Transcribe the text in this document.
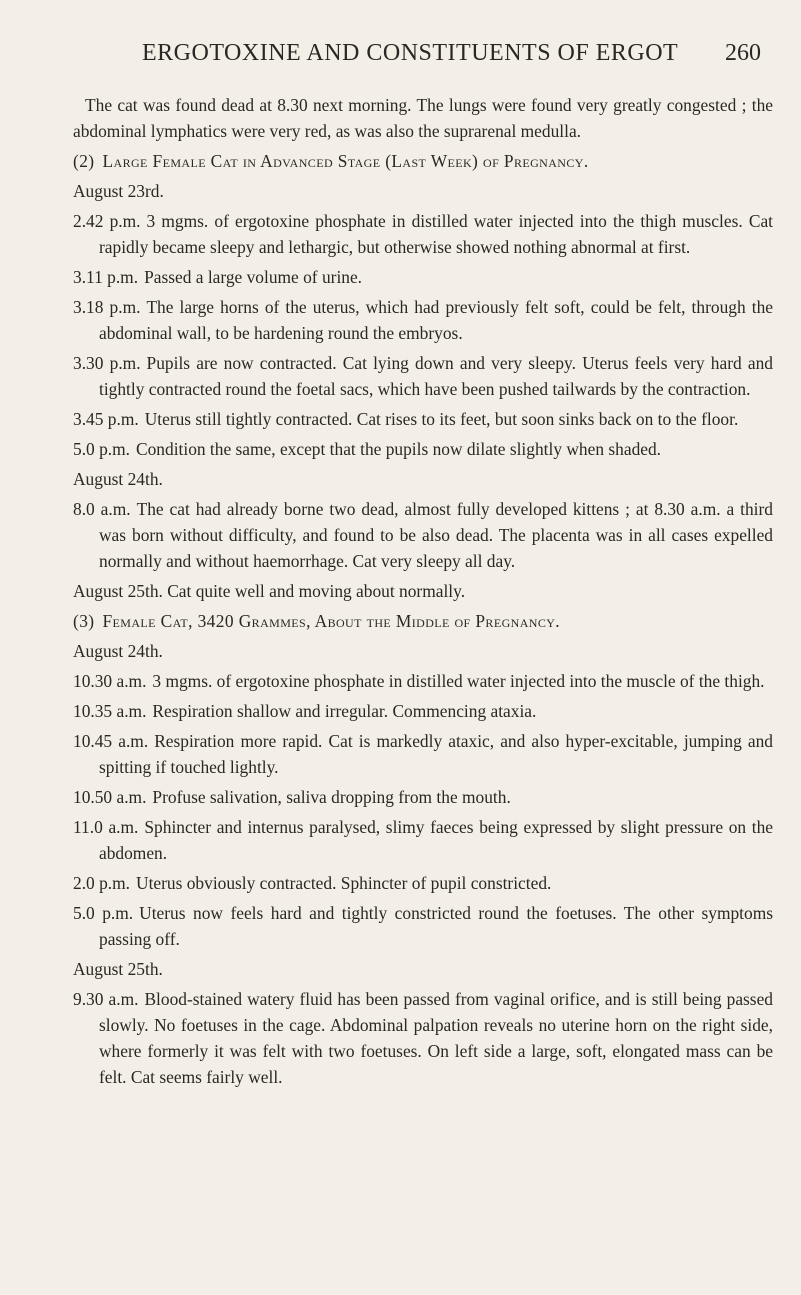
ERGOTOXINE AND CONSTITUENTS OF ERGOT 260

The cat was found dead at 8.30 next morning. The lungs were found very greatly congested ; the abdominal lymphatics were very red, as was also the suprarenal medulla.

(2) Large Female Cat in Advanced Stage (Last Week) of Pregnancy.

August 23rd.

2.42 p.m. 3 mgms. of ergotoxine phosphate in distilled water injected into the thigh muscles. Cat rapidly became sleepy and lethargic, but otherwise showed nothing abnormal at first.

3.11 p.m. Passed a large volume of urine.

3.18 p.m. The large horns of the uterus, which had previously felt soft, could be felt, through the abdominal wall, to be hardening round the embryos.

3.30 p.m. Pupils are now contracted. Cat lying down and very sleepy. Uterus feels very hard and tightly contracted round the foetal sacs, which have been pushed tailwards by the contraction.

3.45 p.m. Uterus still tightly contracted. Cat rises to its feet, but soon sinks back on to the floor.

5.0 p.m. Condition the same, except that the pupils now dilate slightly when shaded.

August 24th.

8.0 a.m. The cat had already borne two dead, almost fully developed kittens ; at 8.30 a.m. a third was born without difficulty, and found to be also dead. The placenta was in all cases expelled normally and without haemorrhage. Cat very sleepy all day.

August 25th. Cat quite well and moving about normally.

(3) Female Cat, 3420 Grammes, About the Middle of Pregnancy.

August 24th.

10.30 a.m. 3 mgms. of ergotoxine phosphate in distilled water injected into the muscle of the thigh.

10.35 a.m. Respiration shallow and irregular. Commencing ataxia.

10.45 a.m. Respiration more rapid. Cat is markedly ataxic, and also hyper-excitable, jumping and spitting if touched lightly.

10.50 a.m. Profuse salivation, saliva dropping from the mouth.

11.0 a.m. Sphincter and internus paralysed, slimy faeces being expressed by slight pressure on the abdomen.

2.0 p.m. Uterus obviously contracted. Sphincter of pupil constricted.

5.0 p.m. Uterus now feels hard and tightly constricted round the foetuses. The other symptoms passing off.

August 25th.

9.30 a.m. Blood-stained watery fluid has been passed from vaginal orifice, and is still being passed slowly. No foetuses in the cage. Abdominal palpation reveals no uterine horn on the right side, where formerly it was felt with two foetuses. On left side a large, soft, elongated mass can be felt. Cat seems fairly well.
